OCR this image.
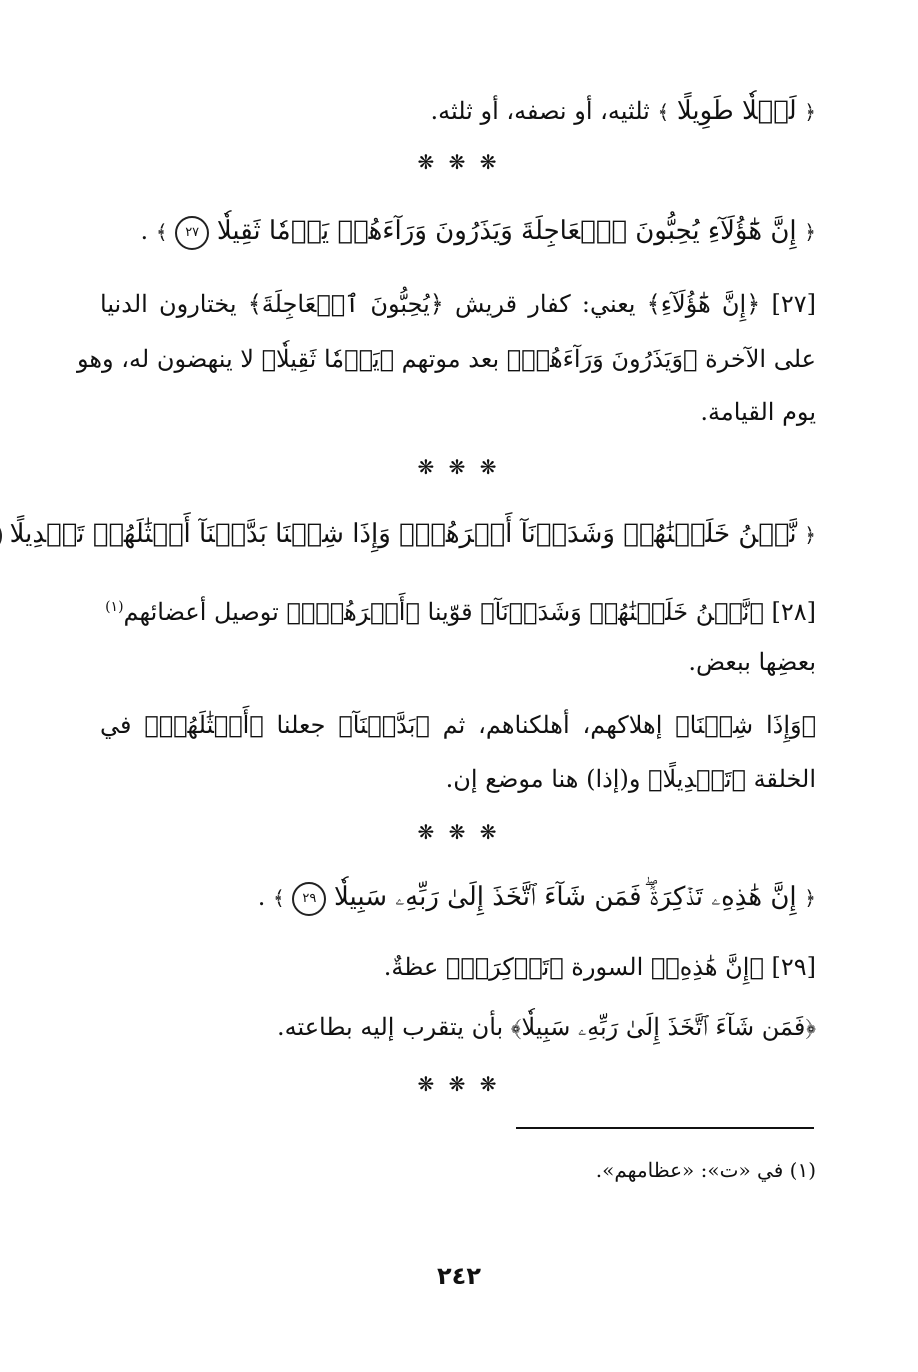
﴿ لَيۡلٗا طَوِيلًا ﴾ ثلثيه، أو نصفه، أو ثلثه.
❋ ❋ ❋
﴿ إِنَّ هَٰٓؤُلَآءِ يُحِبُّونَ ٱلۡعَاجِلَةَ وَيَذَرُونَ وَرَآءَهُمۡ يَوۡمٗا ثَقِيلٗا ٢٧ ﴾ .
[٢٧] ﴿إِنَّ هَٰٓؤُلَآءِ﴾ يعني: كفار قريش ﴿يُحِبُّونَ ٱلۡعَاجِلَةَ﴾ يختارون الدنيا
على الآخرة ﴿وَيَذَرُونَ وَرَآءَهُمۡ﴾ بعد موتهم ﴿يَوۡمٗا ثَقِيلٗا﴾ لا ينهضون له، وهو
يوم القيامة.
❋ ❋ ❋
﴿ نَّحۡنُ خَلَقۡنَٰهُمۡ وَشَدَدۡنَآ أَسۡرَهُمۡۖ وَإِذَا شِئۡنَا بَدَّلۡنَآ أَمۡثَٰلَهُمۡ تَبۡدِيلًا
[٢٨] ﴿نَّحۡنُ خَلَقۡنَٰهُمۡ وَشَدَدۡنَآ﴾ قوّينا ﴿أَسۡرَهُمۡۖ﴾ توصيل أعضائهم$^{(١)}$
بعضِها ببعض.
﴿وَإِذَا شِئۡنَا﴾ إهلاكهم، أهلكناهم، ثم ﴿بَدَّلۡنَآ﴾ جعلنا ﴿أَمۡثَٰلَهُمۡ﴾ في
الخلقة ﴿تَبۡدِيلًا﴾ و(إذا) هنا موضع إن.
❋ ❋ ❋
﴿ إِنَّ هَٰذِهِۦ تَذۡكِرَةٞۖ فَمَن شَآءَ ٱتَّخَذَ إِلَىٰ رَبِّهِۦ سَبِيلٗا ٢٩ ﴾ .
[٢٩] ﴿إِنَّ هَٰذِهِۦ﴾ السورة ﴿تَذۡكِرَةٞ﴾ عظةٌ.
﴿فَمَن شَآءَ ٱتَّخَذَ إِلَىٰ رَبِّهِۦ سَبِيلٗا﴾ بأن يتقرب إليه بطاعته.
❋ ❋ ❋
(١) في «ت»: «عظامهم».
٢٤٢
